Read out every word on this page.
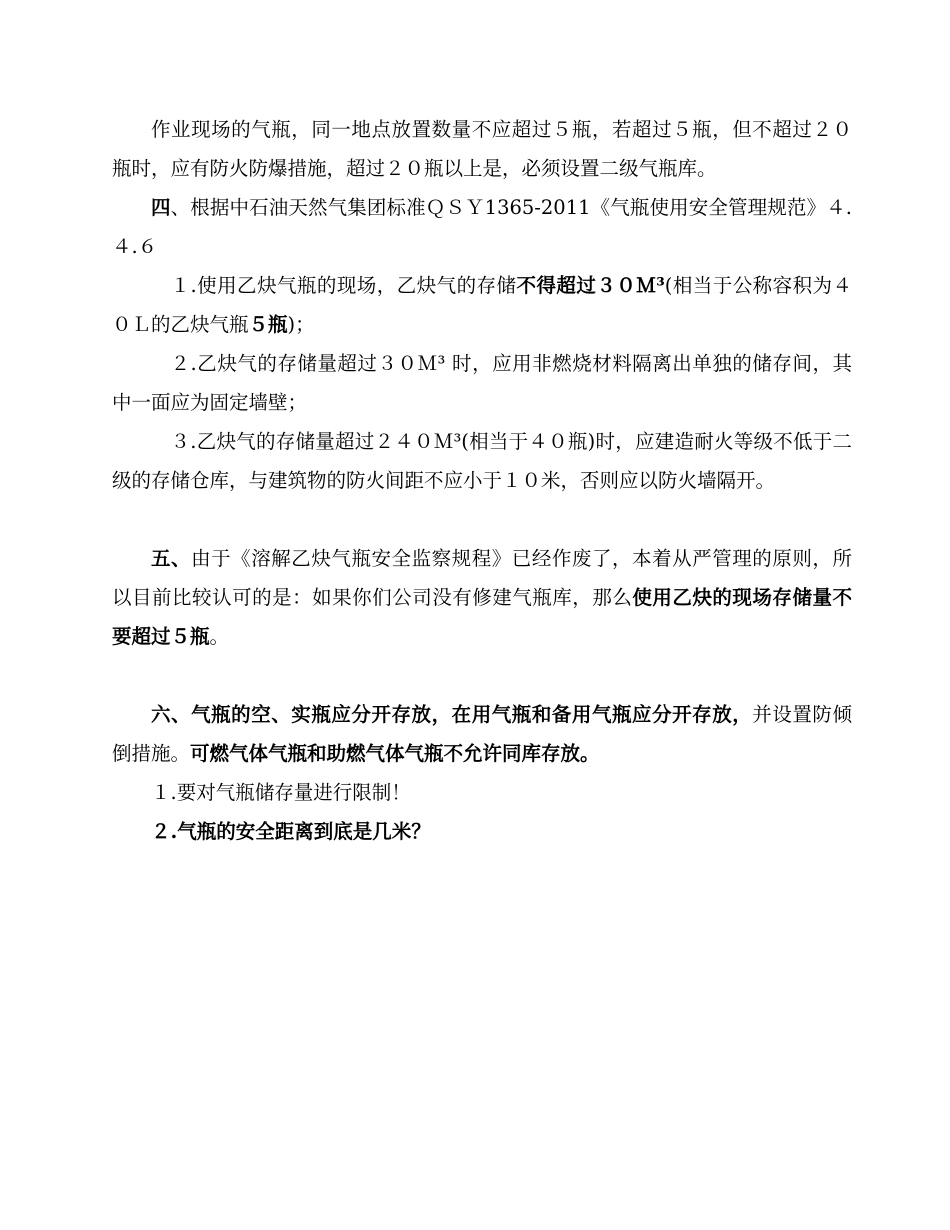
作业现场的气瓶，同一地点放置数量不应超过５瓶，若超过５瓶，但不超过２０瓶时，应有防火防爆措施，超过２０瓶以上是，必须设置二级气瓶库。

四、根据中石油天然气集团标准ＱＳＹ1365-2011《气瓶使用安全管理规范》４.４.６

１.使用乙炔气瓶的现场，乙炔气的存储不得超过３０Ｍ³(相当于公称容积为４０Ｌ的乙炔气瓶５瓶)；

２.乙炔气的存储量超过３０Ｍ³ 时，应用非燃烧材料隔离出单独的储存间，其中一面应为固定墙壁；

３.乙炔气的存储量超过２４０Ｍ³(相当于４０瓶)时，应建造耐火等级不低于二级的存储仓库，与建筑物的防火间距不应小于１０米，否则应以防火墙隔开。

五、由于《溶解乙炔气瓶安全监察规程》已经作废了，本着从严管理的原则，所以目前比较认可的是：如果你们公司没有修建气瓶库，那么使用乙炔的现场存储量不要超过５瓶。

六、气瓶的空、实瓶应分开存放，在用气瓶和备用气瓶应分开存放，并设置防倾倒措施。可燃气体气瓶和助燃气体气瓶不允许同库存放。

１.要对气瓶储存量进行限制！

２.气瓶的安全距离到底是几米？
